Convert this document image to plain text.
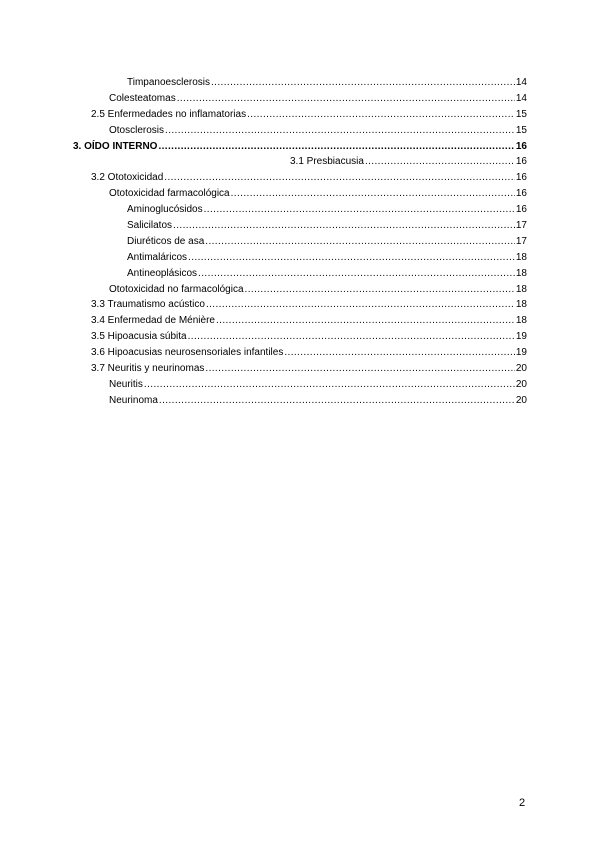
Timpanoesclerosis .....	14
Colesteatomas .....	14
2.5 Enfermedades no inflamatorias .....	15
Otosclerosis .....	15
3. OÍDO INTERNO .....	16
3.1 Presbiacusia .....	16
3.2 Ototoxicidad .....	16
Ototoxicidad farmacológica .....	16
Aminoglucósidos .....	16
Salicilatos .....	17
Diuréticos de asa .....	17
Antimaláricos .....	18
Antineoplásicos .....	18
Ototoxicidad no farmacológica .....	18
3.3 Traumatismo acústico .....	18
3.4 Enfermedad de Ménière .....	18
3.5 Hipoacusia súbita .....	19
3.6 Hipoacusias neurosensoriales infantiles .....	19
3.7 Neuritis y neurinomas .....	20
Neuritis .....	20
Neurinoma .....	20
2
